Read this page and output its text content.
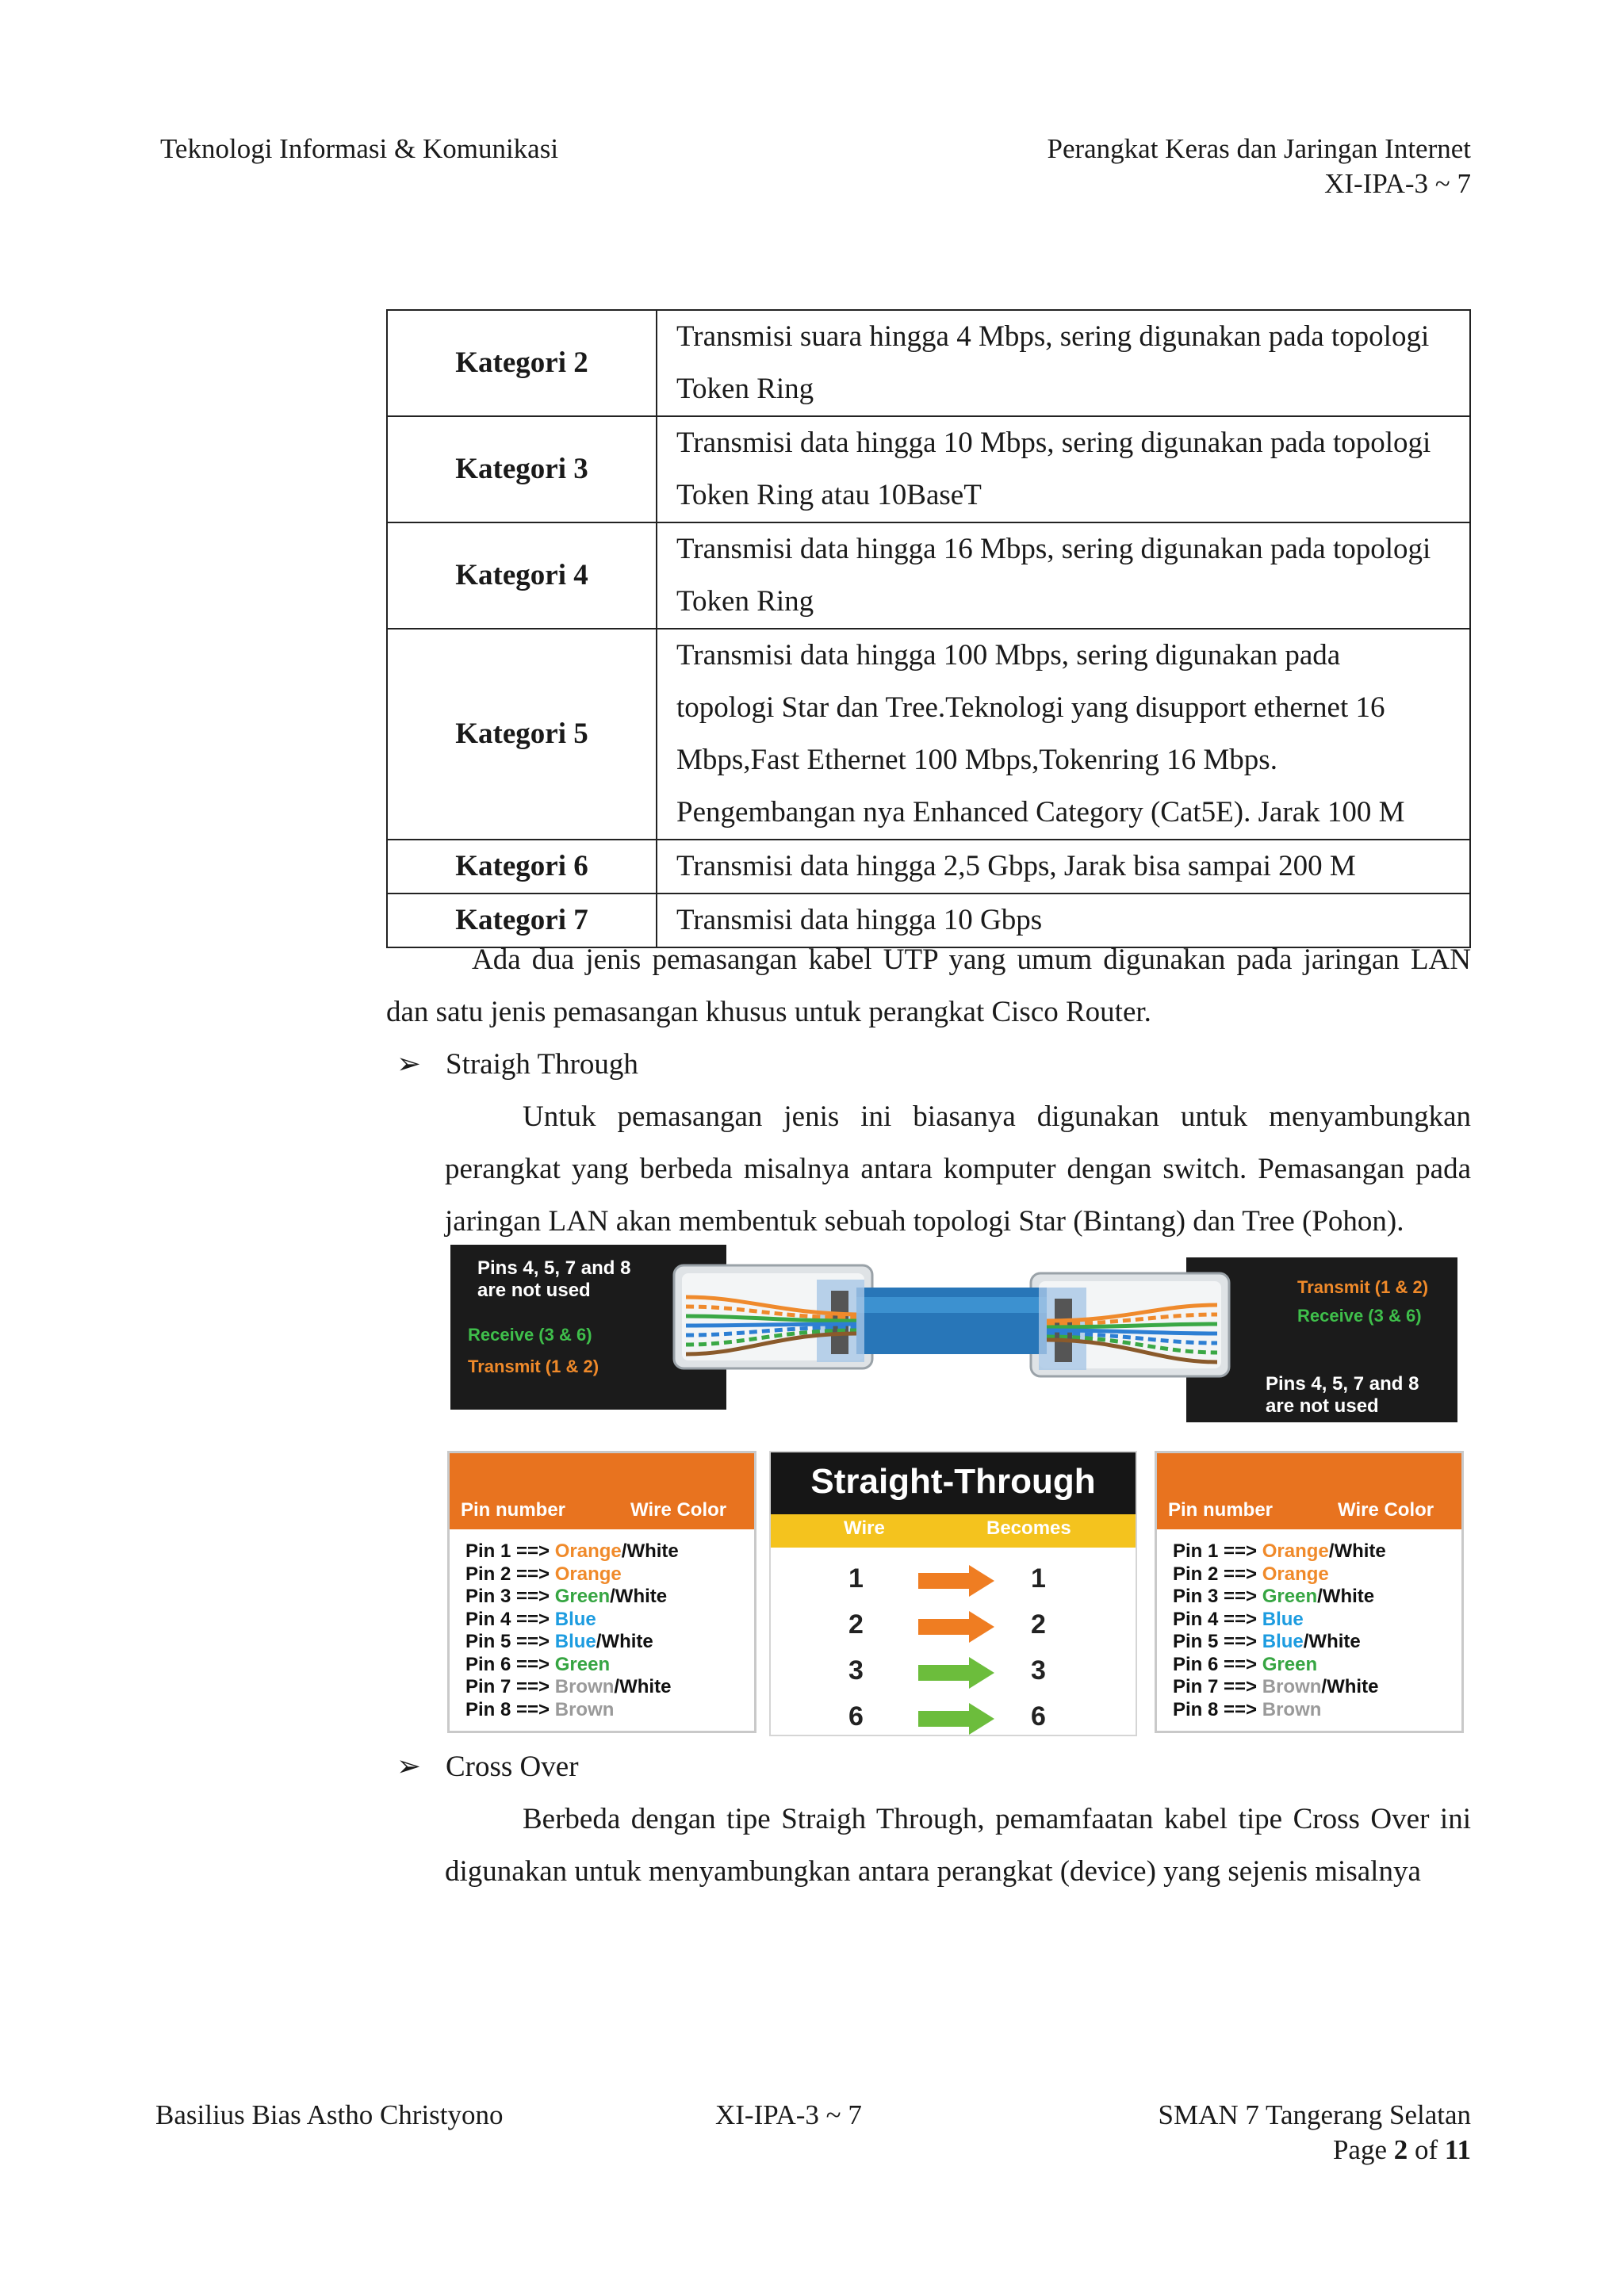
Teknologi Informasi & Komunikasi	Perangkat Keras dan Jaringan Internet
XI-IPA-3 ~ 7
Kategori 2	Transmisi suara hingga 4 Mbps, sering digunakan pada topologi
Token Ring

Kategori 3	Transmisi data hingga 10 Mbps, sering digunakan pada topologi
Token Ring atau 10BaseT

Kategori 4	Transmisi data hingga 16 Mbps, sering digunakan pada topologi
Token Ring

Kategori 5	Transmisi data hingga 100 Mbps, sering digunakan pada
topologi Star dan Tree.Teknologi yang disupport ethernet 16
Mbps,Fast Ethernet 100 Mbps,Tokenring 16 Mbps.
Pengembangan nya Enhanced Category (Cat5E). Jarak 100 M

Kategori 6	Transmisi data hingga 2,5 Gbps, Jarak bisa sampai 200 M

Kategori 7	Transmisi data hingga 10 Gbps
Ada dua jenis pemasangan kabel UTP yang umum digunakan pada jaringan LAN dan satu jenis pemasangan khusus untuk perangkat Cisco Router.
➢ Straigh Through
Untuk pemasangan jenis ini biasanya digunakan untuk menyambungkan perangkat yang berbeda misalnya antara komputer dengan switch. Pemasangan pada jaringan LAN akan membentuk sebuah topologi Star (Bintang) dan Tree (Pohon).
Pins 4, 5, 7 and 8
are not used
Receive (3 & 6)
Transmit (1 & 2)
Transmit (1 & 2)
Receive (3 & 6)
Pins 4, 5, 7 and 8
are not used
Pin number	Wire Color
Pin 1 ==> Orange/White
Pin 2 ==> Orange
Pin 3 ==> Green/White
Pin 4 ==> Blue
Pin 5 ==> Blue/White
Pin 6 ==> Green
Pin 7 ==> Brown/White
Pin 8 ==> Brown
Straight-Through
Wire	Becomes
1	1
2	2
3	3
6	6
Pin number	Wire Color
Pin 1 ==> Orange/White
Pin 2 ==> Orange
Pin 3 ==> Green/White
Pin 4 ==> Blue
Pin 5 ==> Blue/White
Pin 6 ==> Green
Pin 7 ==> Brown/White
Pin 8 ==> Brown
➢ Cross Over
Berbeda dengan tipe Straigh Through, pemamfaatan kabel tipe Cross Over ini digunakan untuk menyambungkan antara perangkat (device) yang sejenis misalnya
Basilius Bias Astho Christyono	XI-IPA-3 ~ 7	SMAN 7 Tangerang Selatan
Page 2 of 11
